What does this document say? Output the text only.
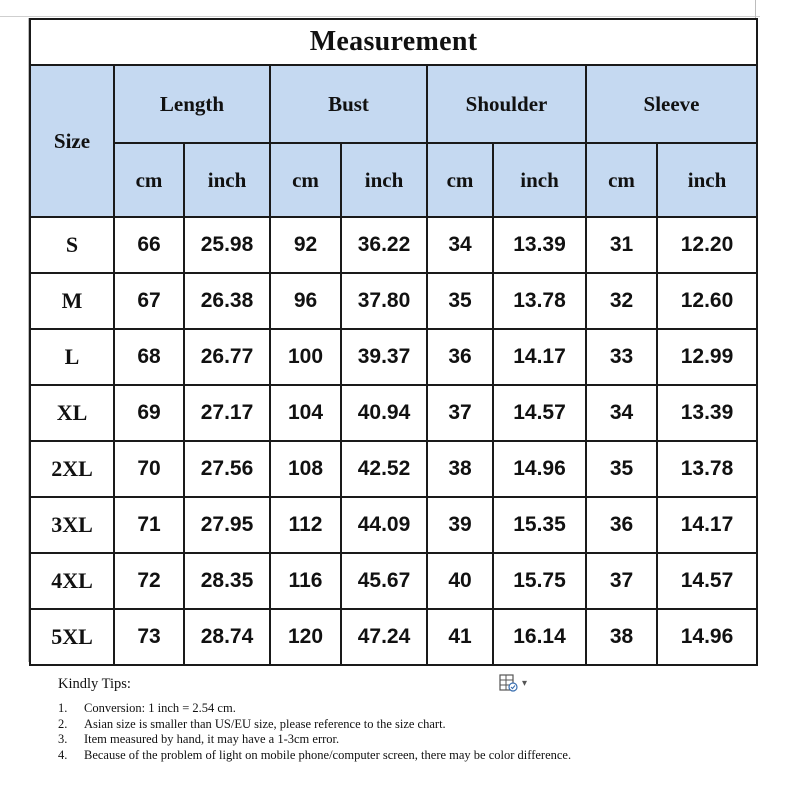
Measurement								
Size	Length		Bust		Shoulder		Sleeve	
	cm	inch	cm	inch	cm	inch	cm	inch
S	66	25.98	92	36.22	34	13.39	31	12.20
M	67	26.38	96	37.80	35	13.78	32	12.60
L	68	26.77	100	39.37	36	14.17	33	12.99
XL	69	27.17	104	40.94	37	14.57	34	13.39
2XL	70	27.56	108	42.52	38	14.96	35	13.78
3XL	71	27.95	112	44.09	39	15.35	36	14.17
4XL	72	28.35	116	45.67	40	15.75	37	14.57
5XL	73	28.74	120	47.24	41	16.14	38	14.96
▾
Kindly Tips:
1.	Conversion: 1 inch = 2.54 cm.
2.	Asian size is smaller than US/EU size, please reference to the size chart.
3.	Item measured by hand, it may have a 1-3cm error.
4.	Because of the problem of light on mobile phone/computer screen, there may be color difference.
